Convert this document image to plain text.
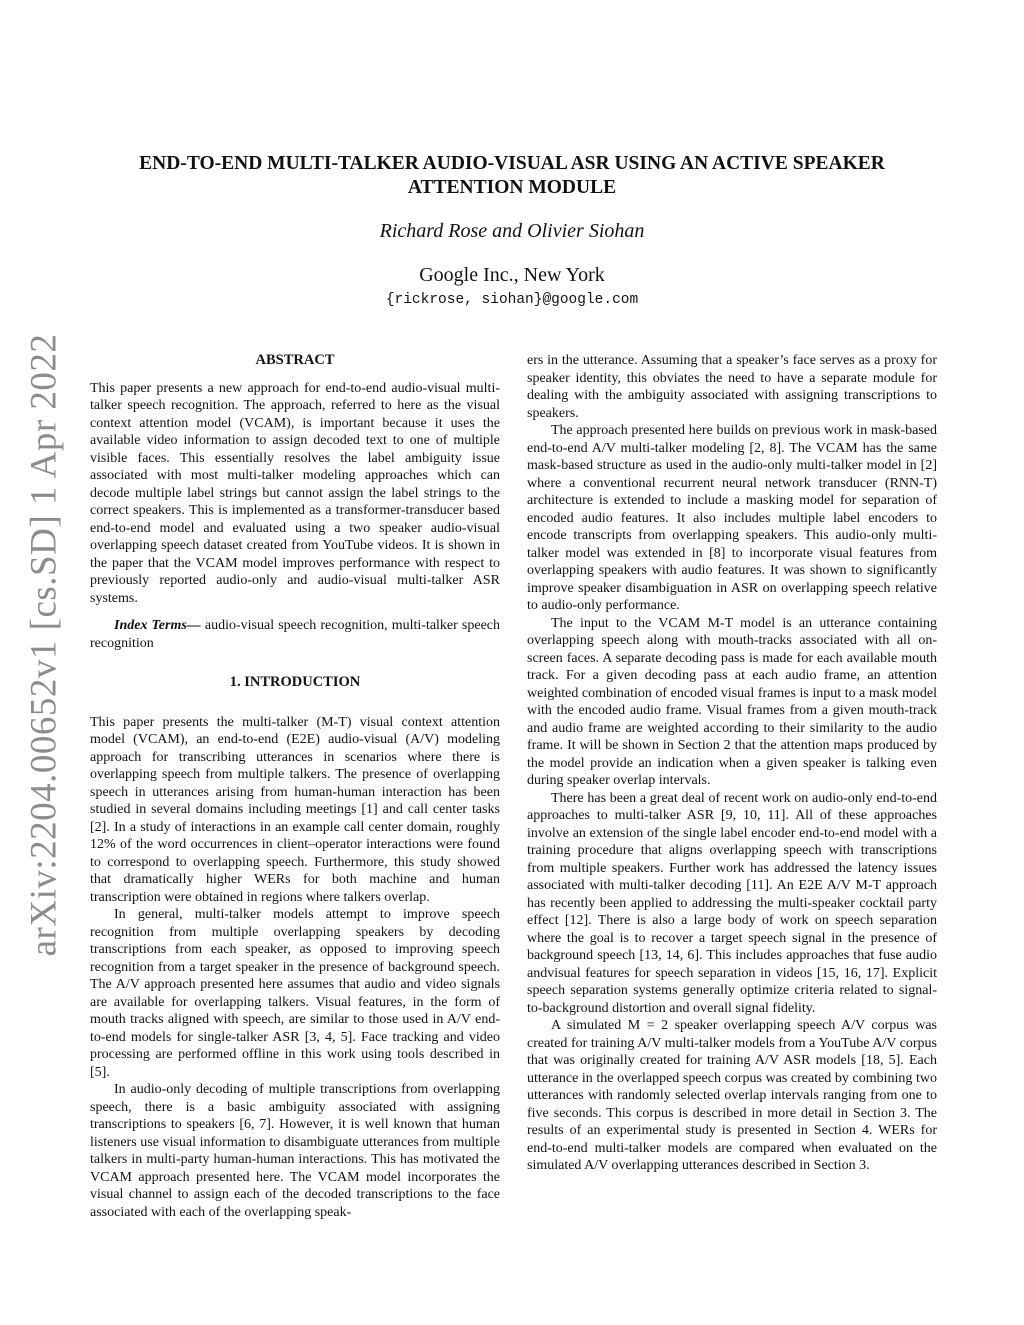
arXiv:2204.00652v1 [cs.SD] 1 Apr 2022
END-TO-END MULTI-TALKER AUDIO-VISUAL ASR USING AN ACTIVE SPEAKER ATTENTION MODULE
Richard Rose and Olivier Siohan
Google Inc., New York
{rickrose, siohan}@google.com
ABSTRACT

This paper presents a new approach for end-to-end audio-visual multi-talker speech recognition. The approach, referred to here as the visual context attention model (VCAM), is important because it uses the available video information to assign decoded text to one of multiple visible faces. This essentially resolves the label ambiguity issue associated with most multi-talker modeling approaches which can decode multiple label strings but cannot assign the label strings to the correct speakers. This is implemented as a transformer-transducer based end-to-end model and evaluated using a two speaker audio-visual overlapping speech dataset created from YouTube videos. It is shown in the paper that the VCAM model improves performance with respect to previously reported audio-only and audio-visual multi-talker ASR systems.

Index Terms— audio-visual speech recognition, multi-talker speech recognition

1. INTRODUCTION

This paper presents the multi-talker (M-T) visual context attention model (VCAM), an end-to-end (E2E) audio-visual (A/V) modeling approach for transcribing utterances in scenarios where there is overlapping speech from multiple talkers. The presence of overlapping speech in utterances arising from human-human interaction has been studied in several domains including meetings [1] and call center tasks [2]. In a study of interactions in an example call center domain, roughly 12% of the word occurrences in client–operator interactions were found to correspond to overlapping speech. Furthermore, this study showed that dramatically higher WERs for both machine and human transcription were obtained in regions where talkers overlap.

In general, multi-talker models attempt to improve speech recognition from multiple overlapping speakers by decoding transcriptions from each speaker, as opposed to improving speech recognition from a target speaker in the presence of background speech. The A/V approach presented here assumes that audio and video signals are available for overlapping talkers. Visual features, in the form of mouth tracks aligned with speech, are similar to those used in A/V end-to-end models for single-talker ASR [3, 4, 5]. Face tracking and video processing are performed offline in this work using tools described in [5].

In audio-only decoding of multiple transcriptions from overlapping speech, there is a basic ambiguity associated with assigning transcriptions to speakers [6, 7]. However, it is well known that human listeners use visual information to disambiguate utterances from multiple talkers in multi-party human-human interactions. This has motivated the VCAM approach presented here. The VCAM model incorporates the visual channel to assign each of the decoded transcriptions to the face associated with each of the overlapping speak-

ers in the utterance. Assuming that a speaker’s face serves as a proxy for speaker identity, this obviates the need to have a separate module for dealing with the ambiguity associated with assigning transcriptions to speakers.

The approach presented here builds on previous work in mask-based end-to-end A/V multi-talker modeling [2, 8]. The VCAM has the same mask-based structure as used in the audio-only multi-talker model in [2] where a conventional recurrent neural network transducer (RNN-T) architecture is extended to include a masking model for separation of encoded audio features. It also includes multiple label encoders to encode transcripts from overlapping speakers. This audio-only multi-talker model was extended in [8] to incorporate visual features from overlapping speakers with audio features. It was shown to significantly improve speaker disambiguation in ASR on overlapping speech relative to audio-only performance.

The input to the VCAM M-T model is an utterance containing overlapping speech along with mouth-tracks associated with all on-screen faces. A separate decoding pass is made for each available mouth track. For a given decoding pass at each audio frame, an attention weighted combination of encoded visual frames is input to a mask model with the encoded audio frame. Visual frames from a given mouth-track and audio frame are weighted according to their similarity to the audio frame. It will be shown in Section 2 that the attention maps produced by the model provide an indication when a given speaker is talking even during speaker overlap intervals.

There has been a great deal of recent work on audio-only end-to-end approaches to multi-talker ASR [9, 10, 11]. All of these approaches involve an extension of the single label encoder end-to-end model with a training procedure that aligns overlapping speech with transcriptions from multiple speakers. Further work has addressed the latency issues associated with multi-talker decoding [11]. An E2E A/V M-T approach has recently been applied to addressing the multi-speaker cocktail party effect [12]. There is also a large body of work on speech separation where the goal is to recover a target speech signal in the presence of background speech [13, 14, 6]. This includes approaches that fuse audio andvisual features for speech separation in videos [15, 16, 17]. Explicit speech separation systems generally optimize criteria related to signal-to-background distortion and overall signal fidelity.

A simulated M = 2 speaker overlapping speech A/V corpus was created for training A/V multi-talker models from a YouTube A/V corpus that was originally created for training A/V ASR models [18, 5]. Each utterance in the overlapped speech corpus was created by combining two utterances with randomly selected overlap intervals ranging from one to five seconds. This corpus is described in more detail in Section 3. The results of an experimental study is presented in Section 4. WERs for end-to-end multi-talker models are compared when evaluated on the simulated A/V overlapping utterances described in Section 3.
